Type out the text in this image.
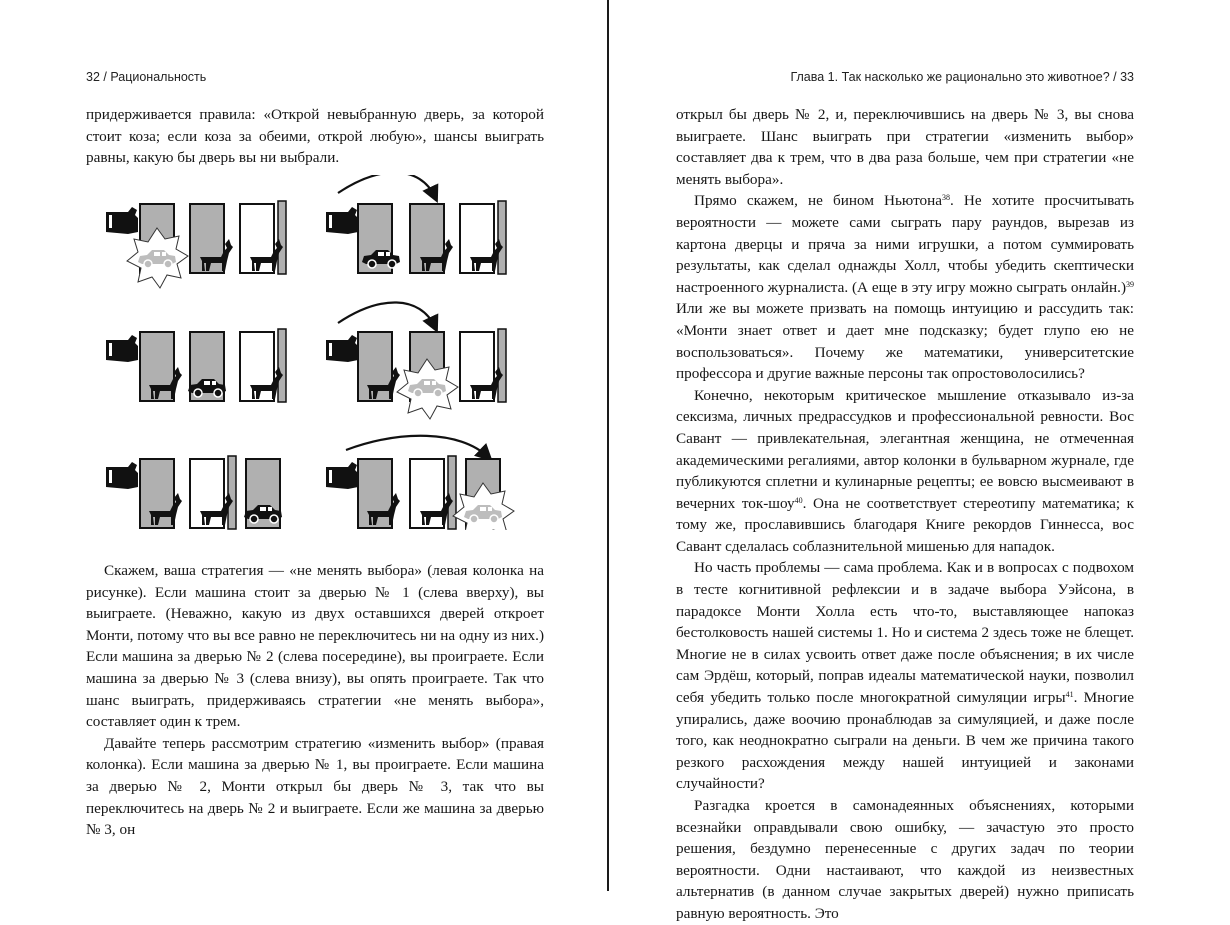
32 / Рациональность	Глава 1. Так насколько же рационально это животное? / 33

придерживается правила: «Открой невыбранную дверь, за которой стоит коза; если коза за обеими, открой любую», шансы выиграть равны, какую бы дверь вы ни выбрали.

Скажем, ваша стратегия — «не менять выбора» (левая колонка на рисунке). Если машина стоит за дверью № 1 (слева вверху), вы выиграете. (Неважно, какую из двух оставшихся дверей откроет Монти, потому что вы все равно не переключитесь ни на одну из них.) Если машина за дверью № 2 (слева посередине), вы проиграете. Если машина за дверью № 3 (слева внизу), вы опять проиграете. Так что шанс выиграть, придерживаясь стратегии «не менять выбора», составляет один к трем.

Давайте теперь рассмотрим стратегию «изменить выбор» (правая колонка). Если машина за дверью № 1, вы проиграете. Если машина за дверью № 2, Монти открыл бы дверь № 3, так что вы переключитесь на дверь № 2 и выиграете. Если же машина за дверью № 3, он

открыл бы дверь № 2, и, переключившись на дверь № 3, вы снова выиграете. Шанс выиграть при стратегии «изменить выбор» составляет два к трем, что в два раза больше, чем при стратегии «не менять выбора».

Прямо скажем, не бином Ньютона$^{38}$. Не хотите просчитывать вероятности — можете сами сыграть пару раундов, вырезав из картона дверцы и пряча за ними игрушки, а потом суммировать результаты, как сделал однажды Холл, чтобы убедить скептически настроенного журналиста. (А еще в эту игру можно сыграть онлайн.)$^{39}$ Или же вы можете призвать на помощь интуицию и рассудить так: «Монти знает ответ и дает мне подсказку; будет глупо ею не воспользоваться». Почему же математики, университетские профессора и другие важные персоны так опростоволосились?

Конечно, некоторым критическое мышление отказывало из-за сексизма, личных предрассудков и профессиональной ревности. Вос Савант — привлекательная, элегантная женщина, не отмеченная академическими регалиями, автор колонки в бульварном журнале, где публикуются сплетни и кулинарные рецепты; ее вовсю высмеивают в вечерних ток-шоу$^{40}$. Она не соответствует стереотипу математика; к тому же, прославившись благодаря Книге рекордов Гиннесса, вос Савант сделалась соблазнительной мишенью для нападок.

Но часть проблемы — сама проблема. Как и в вопросах с подвохом в тесте когнитивной рефлексии и в задаче выбора Уэйсона, в парадоксе Монти Холла есть что-то, выставляющее напоказ бестолковость нашей системы 1. Но и система 2 здесь тоже не блещет. Многие не в силах усвоить ответ даже после объяснения; в их числе сам Эрдёш, который, поправ идеалы математической науки, позволил себя убедить только после многократной симуляции игры$^{41}$. Многие упирались, даже воочию пронаблюдав за симуляцией, и даже после того, как неоднократно сыграли на деньги. В чем же причина такого резкого расхождения между нашей интуицией и законами случайности?

Разгадка кроется в самонадеянных объяснениях, которыми всезнайки оправдывали свою ошибку, — зачастую это просто решения, бездумно перенесенные с других задач по теории вероятности. Одни настаивают, что каждой из неизвестных альтернатив (в данном случае закрытых дверей) нужно приписать равную вероятность. Это
